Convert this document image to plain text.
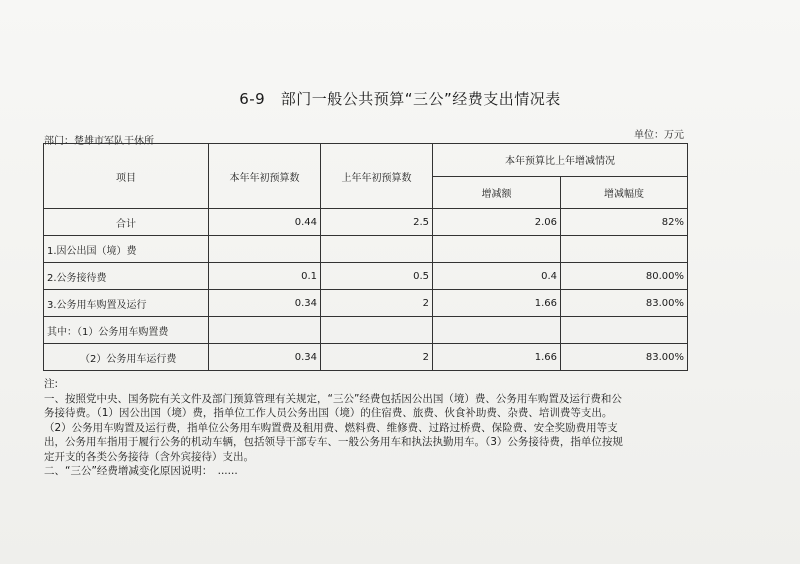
6-9　部门一般公共预算“三公”经费支出情况表
部门：楚雄市军队干休所
单位：万元
项目	本年年初预算数	上年年初预算数	本年预算比上年增减情况	
			增减额	增减幅度
合计	0.44	2.5	2.06	82%
1.因公出国（境）费				
2.公务接待费	0.1	0.5	0.4	80.00%
3.公务用车购置及运行	0.34	2	1.66	83.00%
其中：（1）公务用车购置费				
（2）公务用车运行费	0.34	2	1.66	83.00%
注:
一、按照党中央、国务院有关文件及部门预算管理有关规定，“三公”经费包括因公出国（境）费、公务用车购置及运行费和公
务接待费。（1）因公出国（境）费，指单位工作人员公务出国（境）的住宿费、旅费、伙食补助费、杂费、培训费等支出。
（2）公务用车购置及运行费，指单位公务用车购置费及租用费、燃料费、维修费、过路过桥费、保险费、安全奖励费用等支
出，公务用车指用于履行公务的机动车辆，包括领导干部专车、一般公务用车和执法执勤用车。（3）公务接待费，指单位按规
定开支的各类公务接待（含外宾接待）支出。
二、“三公”经费增减变化原因说明：　......
